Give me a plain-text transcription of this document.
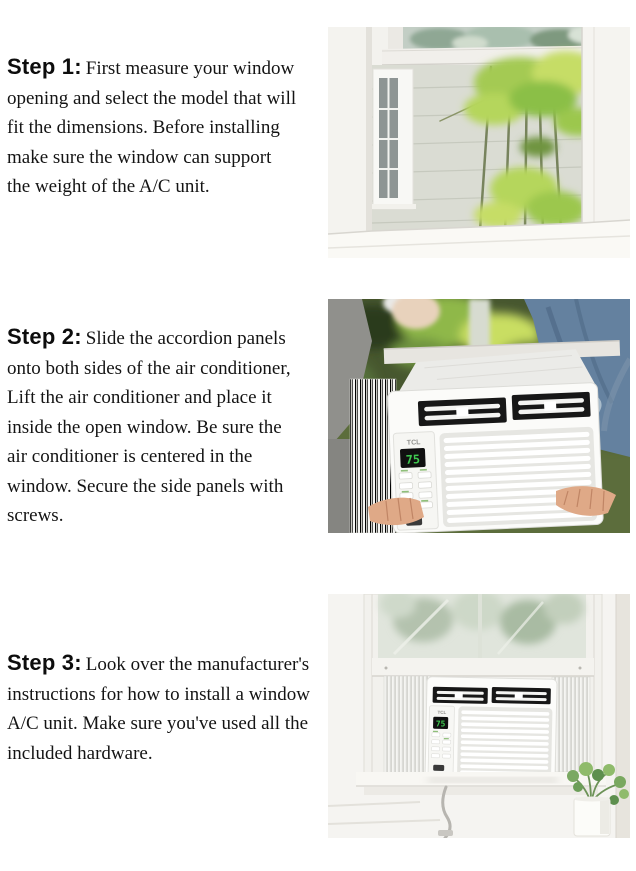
Step 1: First measure your window

opening and select the model that will

fit the dimensions. Before installing

make sure the window can support

the weight of the A/C unit.

Step 2: Slide the accordion panels

onto both sides of the air conditioner,

Lift the air conditioner and place it

inside the open window. Be sure the

air conditioner is centered in the

window. Secure the side panels with

screws.

TCL
75

Step 3: Look over the manufacturer's

instructions for how to install a window

A/C unit. Make sure you've used all the

included hardware.

TCL
75
